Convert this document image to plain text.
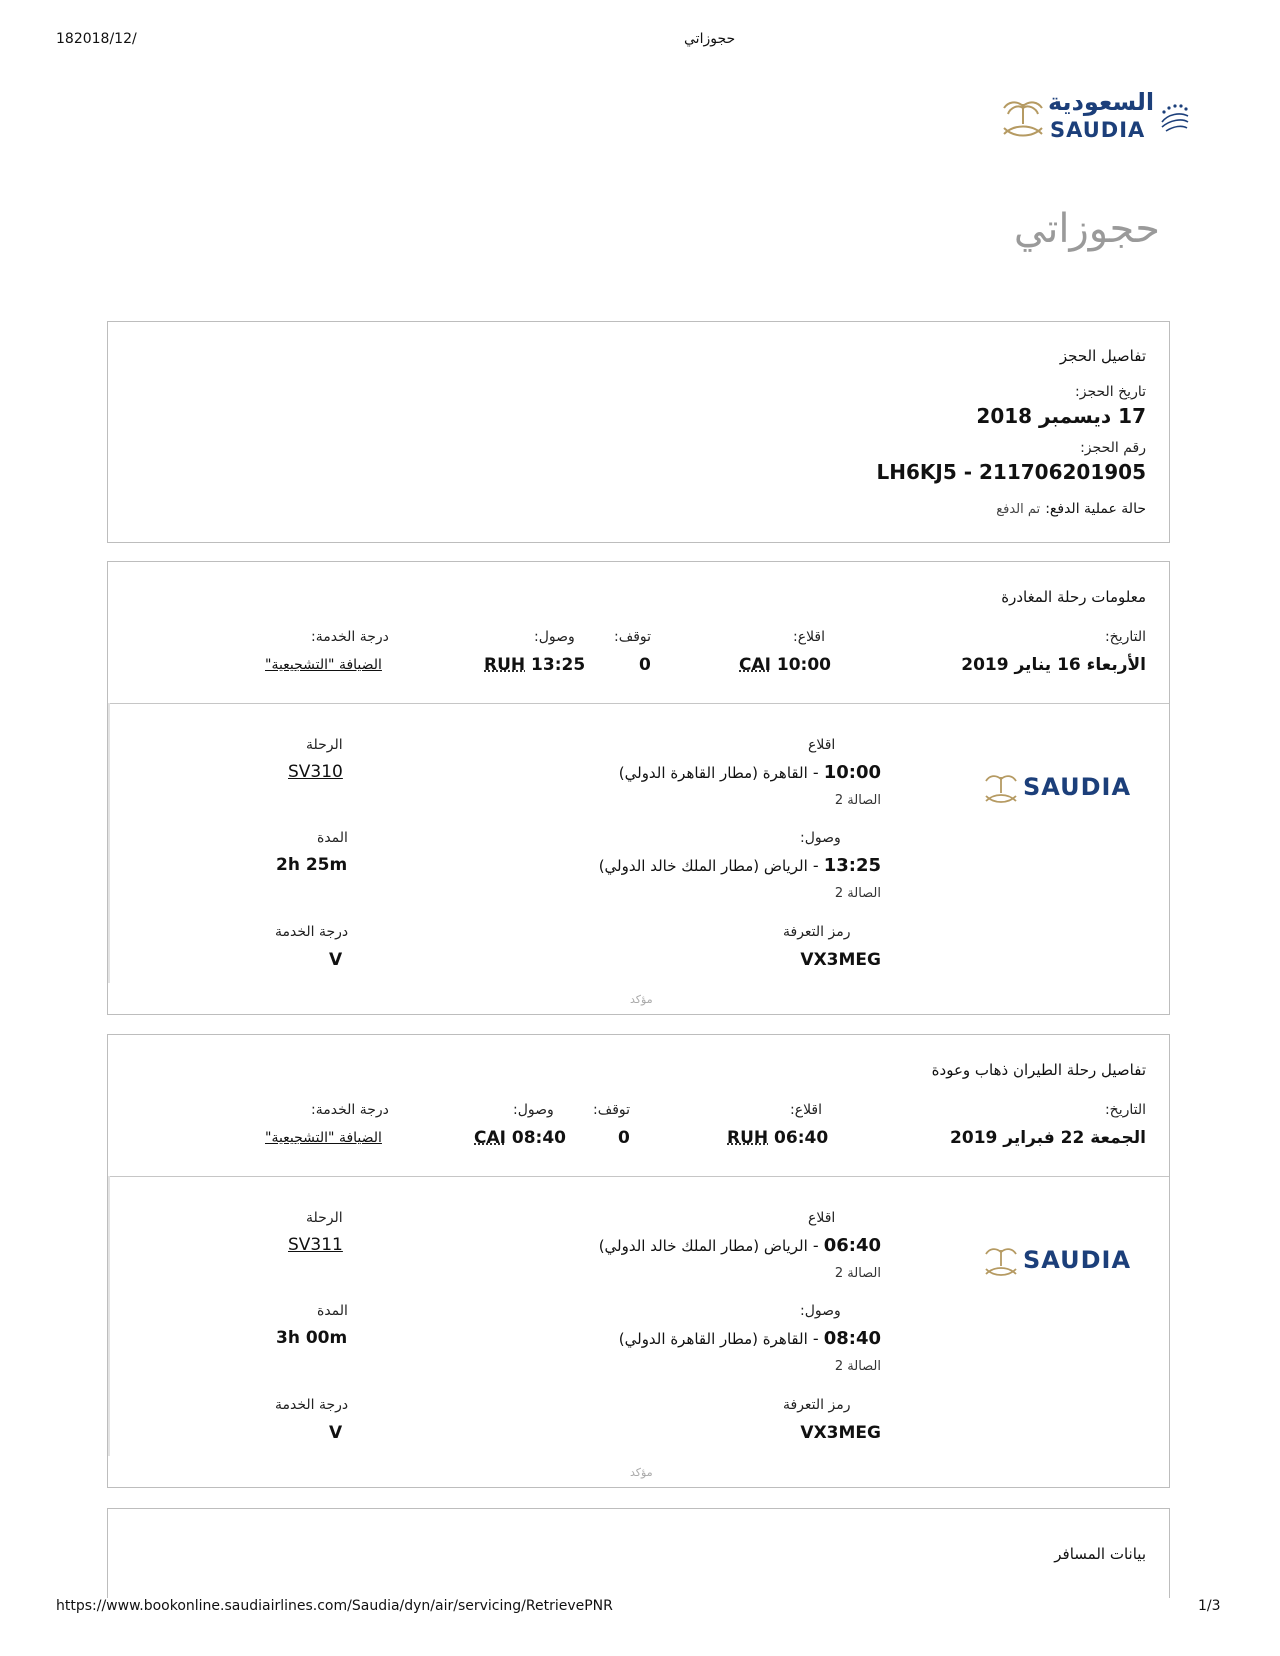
182018/12/	حجوزاتي
السعودية
SAUDIA
حجوزاتي
تفاصيل الحجز
تاريخ الحجز:
17 ديسمبر 2018
رقم الحجز:
LH6KJ5 - 211706201905
حالة عملية الدفع: تم الدفع
معلومات رحلة المغادرة
التاريخ:
الأربعاء 16 يناير 2019
اقلاع:
CAI 10:00
توقف:
0
وصول:
RUH 13:25
درجة الخدمة:
الضيافة "التشجيعية"
SAUDIA
اقلاع
10:00 - القاهرة (مطار القاهرة الدولي)
الصالة 2
وصول:
13:25 - الرياض (مطار الملك خالد الدولي)
الصالة 2
رمز التعرفة
VX3MEG
الرحلة
SV310
المدة
2h 25m
درجة الخدمة
V
مؤكد
تفاصيل رحلة الطيران ذهاب وعودة
التاريخ:
الجمعة 22 فبراير 2019
اقلاع:
RUH 06:40
توقف:
0
وصول:
CAI 08:40
درجة الخدمة:
الضيافة "التشجيعية"
SAUDIA
اقلاع
06:40 - الرياض (مطار الملك خالد الدولي)
الصالة 2
وصول:
08:40 - القاهرة (مطار القاهرة الدولي)
الصالة 2
رمز التعرفة
VX3MEG
الرحلة
SV311
المدة
3h 00m
درجة الخدمة
V
مؤكد
بيانات المسافر
https://www.bookonline.saudiairlines.com/Saudia/dyn/air/servicing/RetrievePNR	1/3
